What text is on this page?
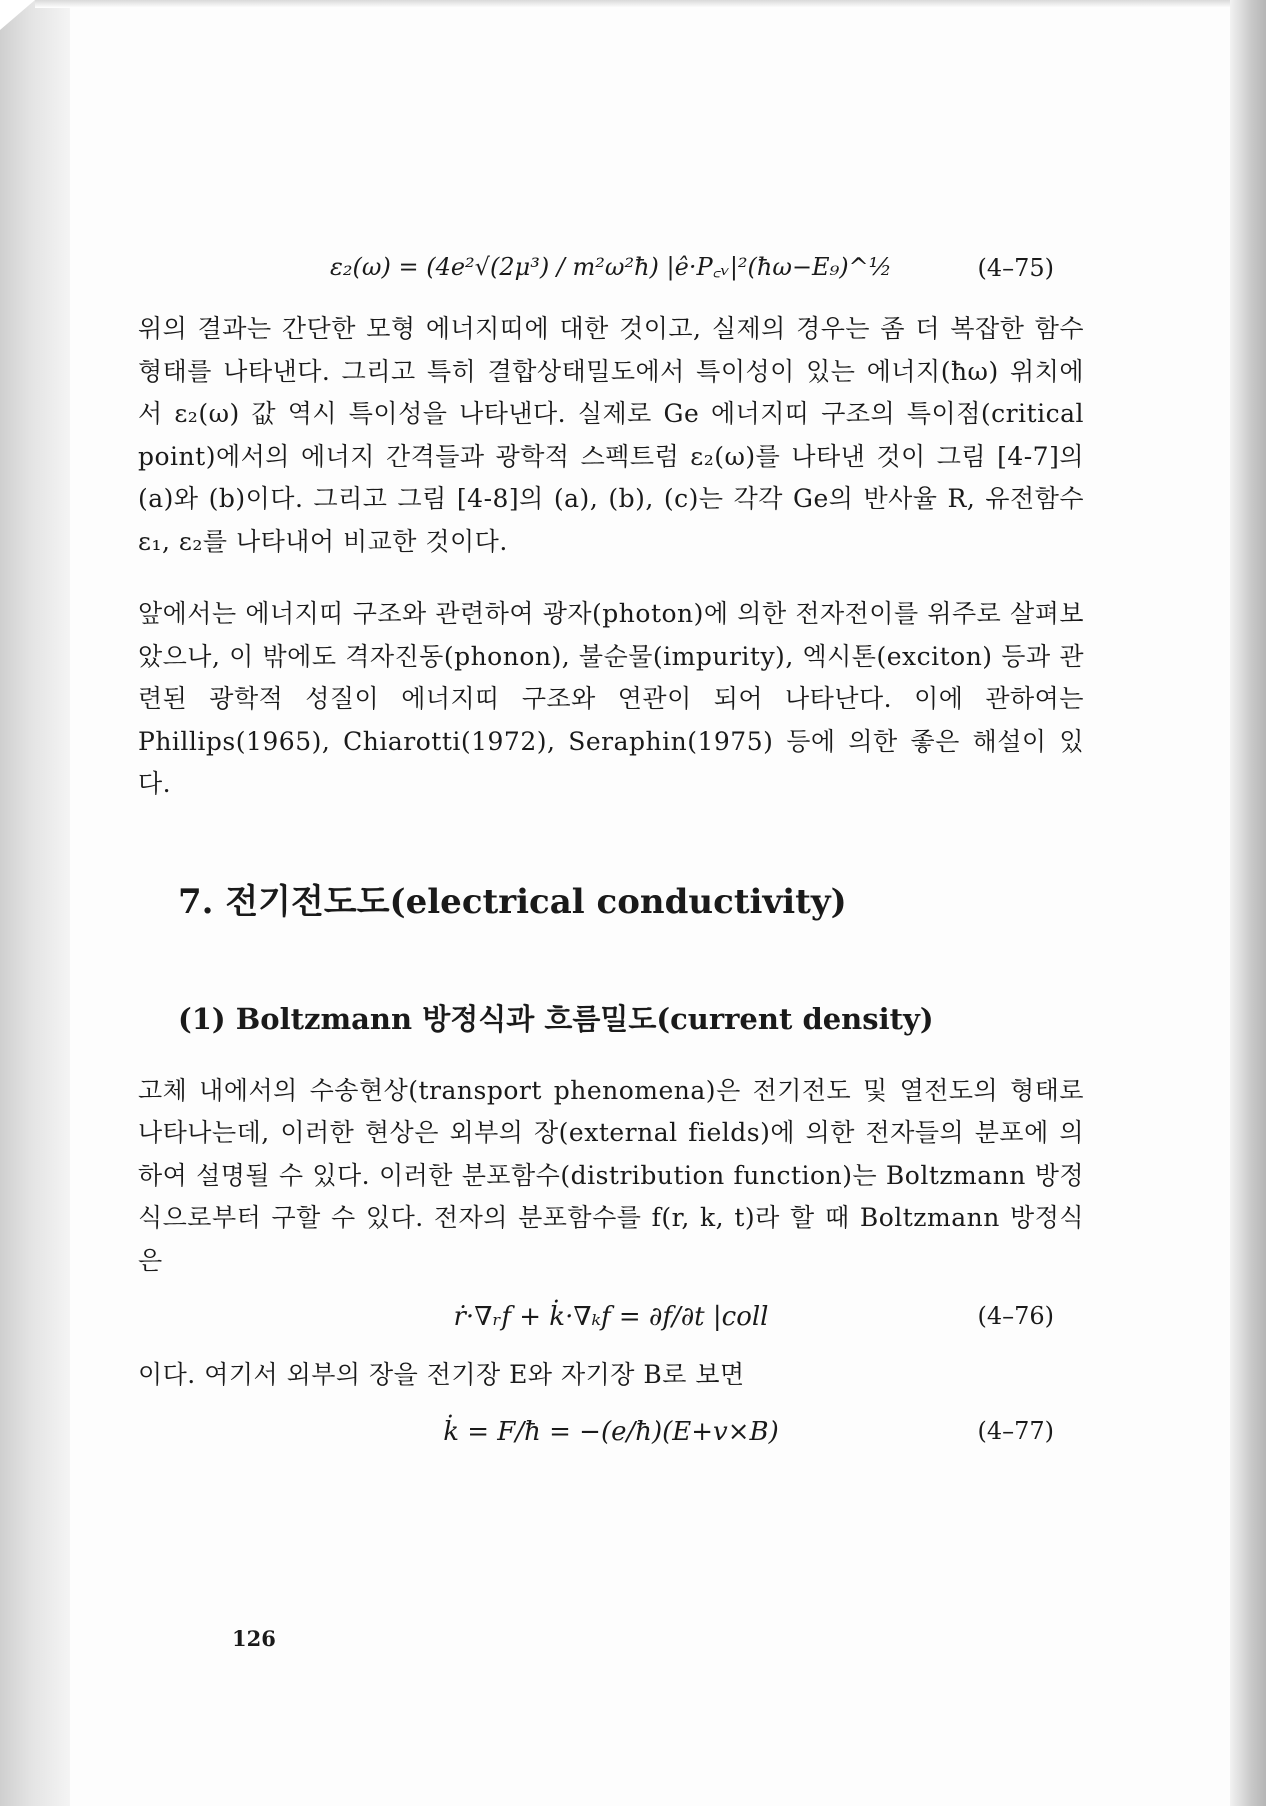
ε₂(ω) = (4e²√(2μ³) / m²ω²ħ) |ê·P꜀ᵥ|²(ħω−E₉)^½	(4–75)

위의 결과는 간단한 모형 에너지띠에 대한 것이고, 실제의 경우는 좀 더 복잡한 함수 형태를 나타낸다. 그리고 특히 결합상태밀도에서 특이성이 있는 에너지(ħω) 위치에서 ε₂(ω) 값 역시 특이성을 나타낸다. 실제로 Ge 에너지띠 구조의 특이점(critical point)에서의 에너지 간격들과 광학적 스펙트럼 ε₂(ω)를 나타낸 것이 그림 [4-7]의 (a)와 (b)이다. 그리고 그림 [4-8]의 (a), (b), (c)는 각각 Ge의 반사율 R, 유전함수 ε₁, ε₂를 나타내어 비교한 것이다.

앞에서는 에너지띠 구조와 관련하여 광자(photon)에 의한 전자전이를 위주로 살펴보았으나, 이 밖에도 격자진동(phonon), 불순물(impurity), 엑시톤(exciton) 등과 관련된 광학적 성질이 에너지띠 구조와 연관이 되어 나타난다. 이에 관하여는 Phillips(1965), Chiarotti(1972), Seraphin(1975) 등에 의한 좋은 해설이 있다.

7. 전기전도도(electrical conductivity)
(1) Boltzmann 방정식과 흐름밀도(current density)

고체 내에서의 수송현상(transport phenomena)은 전기전도 및 열전도의 형태로 나타나는데, 이러한 현상은 외부의 장(external fields)에 의한 전자들의 분포에 의하여 설명될 수 있다. 이러한 분포함수(distribution function)는 Boltzmann 방정식으로부터 구할 수 있다. 전자의 분포함수를 f(r, k, t)라 할 때 Boltzmann 방정식은

ṙ·∇ᵣf + k̇·∇ₖf = ∂f/∂t |coll	(4–76)

이다. 여기서 외부의 장을 전기장 E와 자기장 B로 보면

k̇ = F/ħ = −(e/ħ)(E+v×B)	(4–77)
126
